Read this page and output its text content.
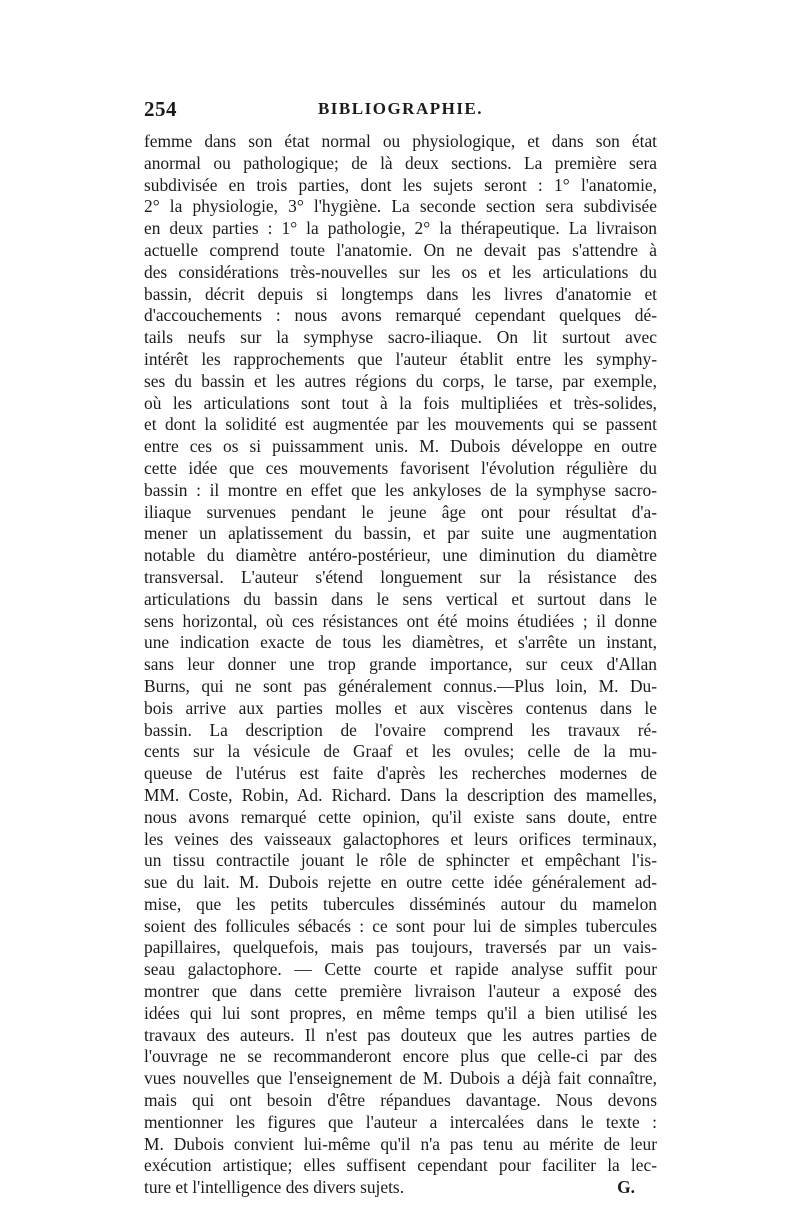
254	BIBLIOGRAPHIE.
femme dans son état normal ou physiologique, et dans son état
anormal ou pathologique; de là deux sections. La première sera
subdivisée en trois parties, dont les sujets seront : 1° l'anatomie,
2° la physiologie, 3° l'hygiène. La seconde section sera subdivisée
en deux parties : 1° la pathologie, 2° la thérapeutique. La livraison
actuelle comprend toute l'anatomie. On ne devait pas s'attendre à
des considérations très-nouvelles sur les os et les articulations du
bassin, décrit depuis si longtemps dans les livres d'anatomie et
d'accouchements : nous avons remarqué cependant quelques dé-
tails neufs sur la symphyse sacro-iliaque. On lit surtout avec
intérêt les rapprochements que l'auteur établit entre les symphy-
ses du bassin et les autres régions du corps, le tarse, par exemple,
où les articulations sont tout à la fois multipliées et très-solides,
et dont la solidité est augmentée par les mouvements qui se passent
entre ces os si puissamment unis. M. Dubois développe en outre
cette idée que ces mouvements favorisent l'évolution régulière du
bassin : il montre en effet que les ankyloses de la symphyse sacro-
iliaque survenues pendant le jeune âge ont pour résultat d'a-
mener un aplatissement du bassin, et par suite une augmentation
notable du diamètre antéro-postérieur, une diminution du diamètre
transversal. L'auteur s'étend longuement sur la résistance des
articulations du bassin dans le sens vertical et surtout dans le
sens horizontal, où ces résistances ont été moins étudiées ; il donne
une indication exacte de tous les diamètres, et s'arrête un instant,
sans leur donner une trop grande importance, sur ceux d'Allan
Burns, qui ne sont pas généralement connus.—Plus loin, M. Du-
bois arrive aux parties molles et aux viscères contenus dans le
bassin. La description de l'ovaire comprend les travaux ré-
cents sur la vésicule de Graaf et les ovules; celle de la mu-
queuse de l'utérus est faite d'après les recherches modernes de
MM. Coste, Robin, Ad. Richard. Dans la description des mamelles,
nous avons remarqué cette opinion, qu'il existe sans doute, entre
les veines des vaisseaux galactophores et leurs orifices terminaux,
un tissu contractile jouant le rôle de sphincter et empêchant l'is-
sue du lait. M. Dubois rejette en outre cette idée généralement ad-
mise, que les petits tubercules disséminés autour du mamelon
soient des follicules sébacés : ce sont pour lui de simples tubercules
papillaires, quelquefois, mais pas toujours, traversés par un vais-
seau galactophore. — Cette courte et rapide analyse suffit pour
montrer que dans cette première livraison l'auteur a exposé des
idées qui lui sont propres, en même temps qu'il a bien utilisé les
travaux des auteurs. Il n'est pas douteux que les autres parties de
l'ouvrage ne se recommanderont encore plus que celle-ci par des
vues nouvelles que l'enseignement de M. Dubois a déjà fait connaître,
mais qui ont besoin d'être répandues davantage. Nous devons
mentionner les figures que l'auteur a intercalées dans le texte :
M. Dubois convient lui-même qu'il n'a pas tenu au mérite de leur
exécution artistique; elles suffisent cependant pour faciliter la lec-
ture et l'intelligence des divers sujets.	G.
